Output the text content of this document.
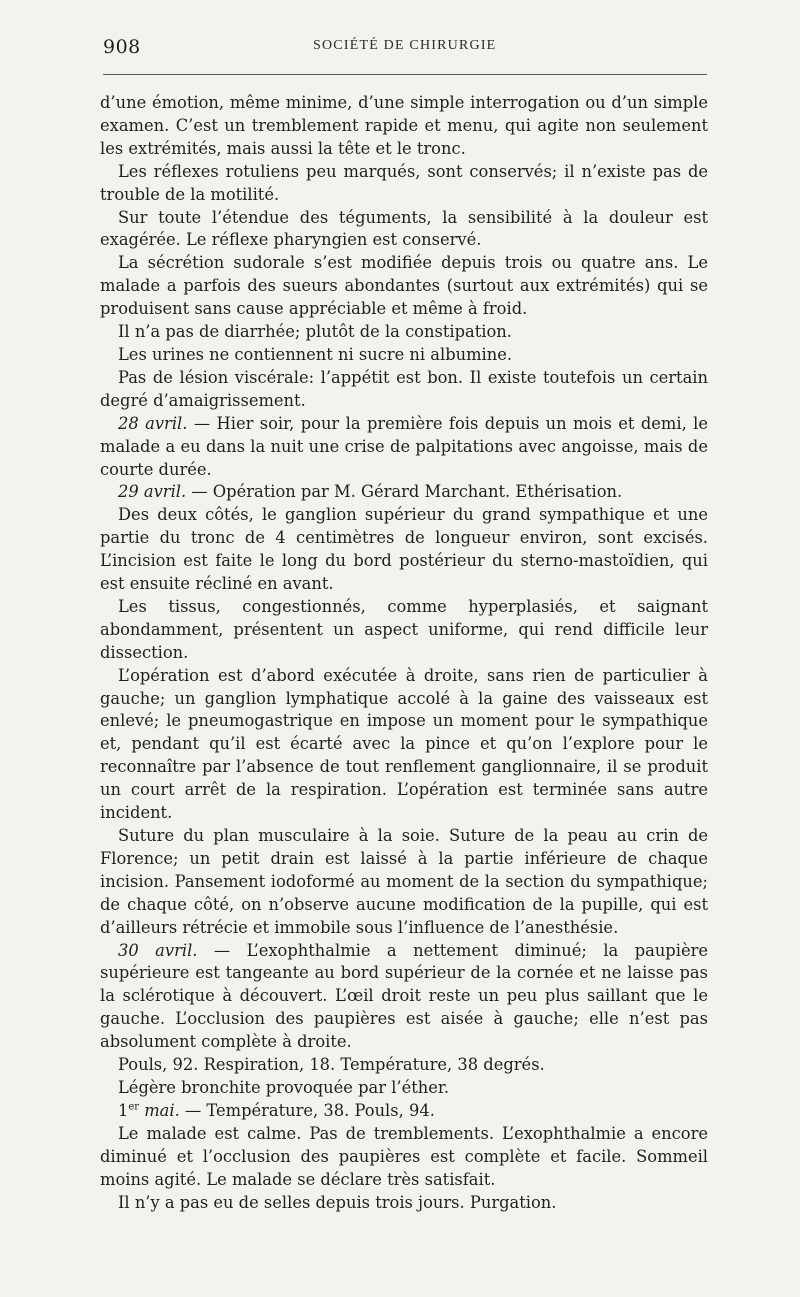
908	SOCIÉTÉ DE CHIRURGIE

d’une émotion, même minime, d’une simple interrogation ou d’un simple examen. C’est un tremblement rapide et menu, qui agite non seulement les extrémités, mais aussi la tête et le tronc.

Les réflexes rotuliens peu marqués, sont conservés; il n’existe pas de trouble de la motilité.

Sur toute l’étendue des téguments, la sensibilité à la douleur est exagérée. Le réflexe pharyngien est conservé.

La sécrétion sudorale s’est modifiée depuis trois ou quatre ans. Le malade a parfois des sueurs abondantes (surtout aux extrémités) qui se produisent sans cause appréciable et même à froid.

Il n’a pas de diarrhée; plutôt de la constipation.

Les urines ne contiennent ni sucre ni albumine.

Pas de lésion viscérale: l’appétit est bon. Il existe toutefois un certain degré d’amaigrissement.

28 avril. — Hier soir, pour la première fois depuis un mois et demi, le malade a eu dans la nuit une crise de palpitations avec angoisse, mais de courte durée.

29 avril. — Opération par M. Gérard Marchant. Ethérisation.

Des deux côtés, le ganglion supérieur du grand sympathique et une partie du tronc de 4 centimètres de longueur environ, sont excisés. L’incision est faite le long du bord postérieur du sterno-mastoïdien, qui est ensuite récliné en avant.

Les tissus, congestionnés, comme hyperplasiés, et saignant abondamment, présentent un aspect uniforme, qui rend difficile leur dissection.

L’opération est d’abord exécutée à droite, sans rien de particulier à gauche; un ganglion lymphatique accolé à la gaine des vaisseaux est enlevé; le pneumogastrique en impose un moment pour le sympathique et, pendant qu’il est écarté avec la pince et qu’on l’explore pour le reconnaître par l’absence de tout renflement ganglionnaire, il se produit un court arrêt de la respiration. L’opération est terminée sans autre incident.

Suture du plan musculaire à la soie. Suture de la peau au crin de Florence; un petit drain est laissé à la partie inférieure de chaque incision. Pansement iodoformé au moment de la section du sympathique; de chaque côté, on n’observe aucune modification de la pupille, qui est d’ailleurs rétrécie et immobile sous l’influence de l’anesthésie.

30 avril. — L’exophthalmie a nettement diminué; la paupière supérieure est tangeante au bord supérieur de la cornée et ne laisse pas la sclérotique à découvert. L’œil droit reste un peu plus saillant que le gauche. L’occlusion des paupières est aisée à gauche; elle n’est pas absolument complète à droite.

Pouls, 92. Respiration, 18. Température, 38 degrés.

Légère bronchite provoquée par l’éther.

1er mai. — Température, 38. Pouls, 94.

Le malade est calme. Pas de tremblements. L’exophthalmie a encore diminué et l’occlusion des paupières est complète et facile. Sommeil moins agité. Le malade se déclare très satisfait.

Il n’y a pas eu de selles depuis trois jours. Purgation.
